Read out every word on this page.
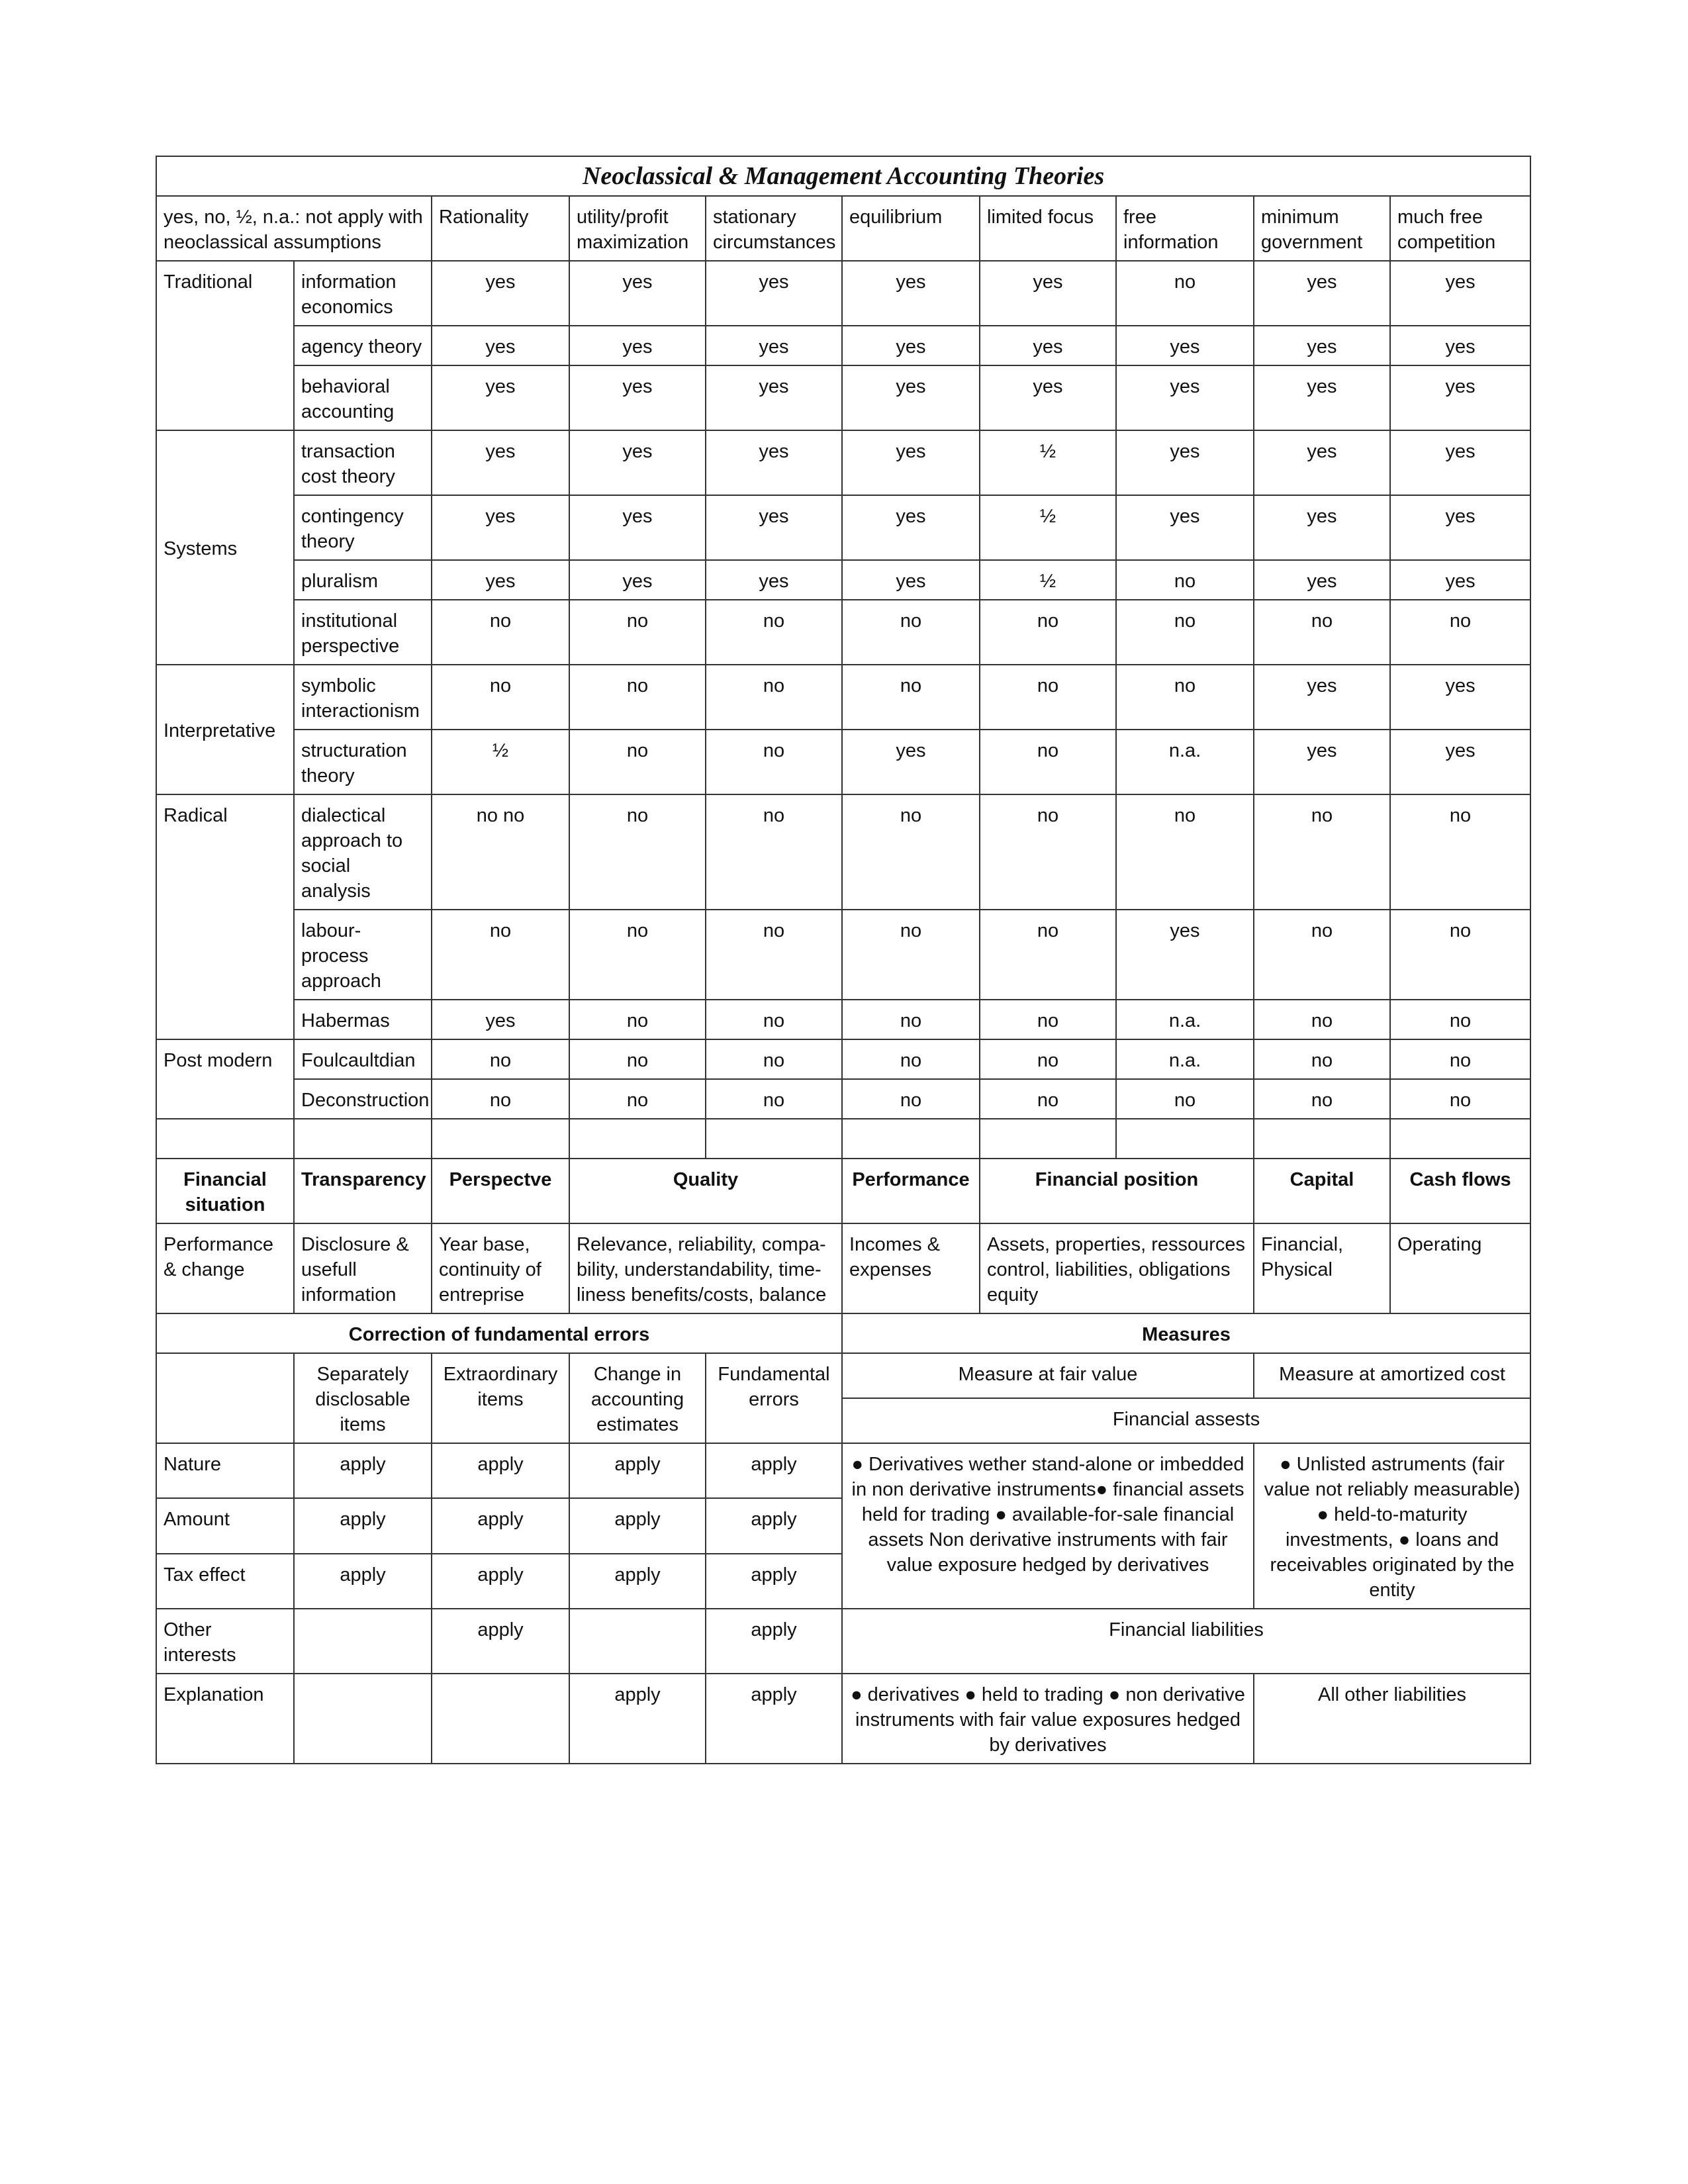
Neoclassical & Management Accounting Theories									
yes, no, ½, n.a.: not apply with neoclassical assumptions		Rationality	utility/profit maximization	stationary circumstances	equilibrium	limited focus	free information	minimum government	much free competition
Traditional	information economics	yes	yes	yes	yes	yes	no	yes	yes
	agency theory	yes	yes	yes	yes	yes	yes	yes	yes
	behavioral accounting	yes	yes	yes	yes	yes	yes	yes	yes
Systems	transaction cost theory	yes	yes	yes	yes	½	yes	yes	yes
	contingency theory	yes	yes	yes	yes	½	yes	yes	yes
	pluralism	yes	yes	yes	yes	½	no	yes	yes
	institutional perspective	no	no	no	no	no	no	no	no
Interpretative	symbolic interactionism	no	no	no	no	no	no	yes	yes
	structuration theory	½	no	no	yes	no	n.a.	yes	yes
Radical	dialectical approach to social analysis	no no	no	no	no	no	no	no	no
	labour-process approach	no	no	no	no	no	yes	no	no
	Habermas	yes	no	no	no	no	n.a.	no	no
Post modern	Foulcaultdian	no	no	no	no	no	n.a.	no	no
	Deconstruction	no	no	no	no	no	no	no	no

Financial situation	Transparency	Perspectve	Quality		Performance	Financial position		Capital	Cash flows
Performance & change	Disclosure & usefull information	Year base, continuity of entreprise	Relevance, reliability, compa-bility, understandability, time-liness benefits/costs, balance		Incomes & expenses	Assets, properties, ressources control, liabilities, obligations equity		Financial, Physical	Operating
Correction of fundamental errors					Measures				
	Separately disclosable items	Extraordinary items	Change in accounting estimates	Fundamental errors	Measure at fair value			Measure at amortized cost	
					Financial assests				
Nature	apply	apply	apply	apply	● Derivatives wether stand-alone or imbedded in non derivative instruments● financial assets held for trading ● available-for-sale financial assets Non derivative instruments with fair value exposure hedged by derivatives			● Unlisted astruments (fair value not reliably measurable) ● held-to-maturity investments, ● loans and receivables originated by the entity	
Amount	apply	apply	apply	apply					
Tax effect	apply	apply	apply	apply					
Other interests		apply		apply	Financial liabilities				
Explanation			apply	apply	● derivatives ● held to trading ● non derivative instruments with fair value exposures hedged by derivatives			All other liabilities	
